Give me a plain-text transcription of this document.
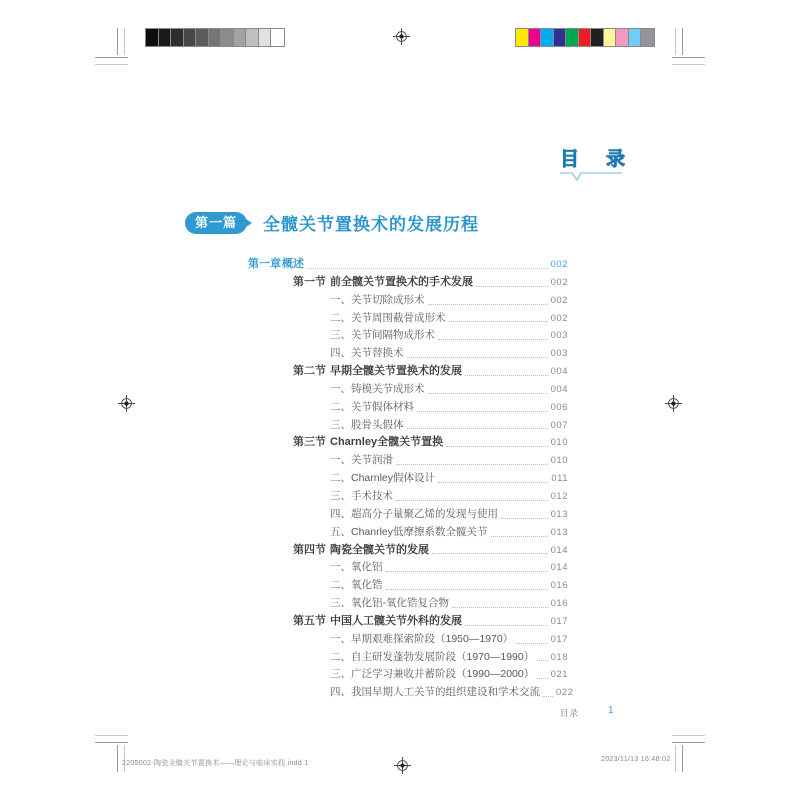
目　录
第一篇	全髋关节置换术的发展历程
第一章 概述	002
第一节 前全髋关节置换术的手术发展	002
一、关节切除成形术	002
二、关节周围截骨成形术	002
三、关节间隔物成形术	003
四、关节替换术	003
第二节 早期全髋关节置换术的发展	004
一、铸模关节成形术	004
二、关节假体材料	006
三、股骨头假体	007
第三节 Charnley全髋关节置换	010
一、关节润滑	010
二、Charnley假体设计	011
三、手术技术	012
四、超高分子量聚乙烯的发现与使用	013
五、Chanrley低摩擦系数全髋关节	013
第四节 陶瓷全髋关节的发展	014
一、氧化铝	014
二、氧化锆	016
三、氧化铝-氧化锆复合物	016
第五节 中国人工髋关节外科的发展	017
一、早期艰难探索阶段（1950—1970）	017
二、自主研发蓬勃发展阶段（1970—1990） 018
三、广泛学习兼收并蓄阶段（1990—2000） 021
四、我国早期人工关节的组织建设和学术交流 022
目录	1
2205002-陶瓷全髋关节置换术——理论与临床实践.indd 1
2023/11/13 16:48:02
